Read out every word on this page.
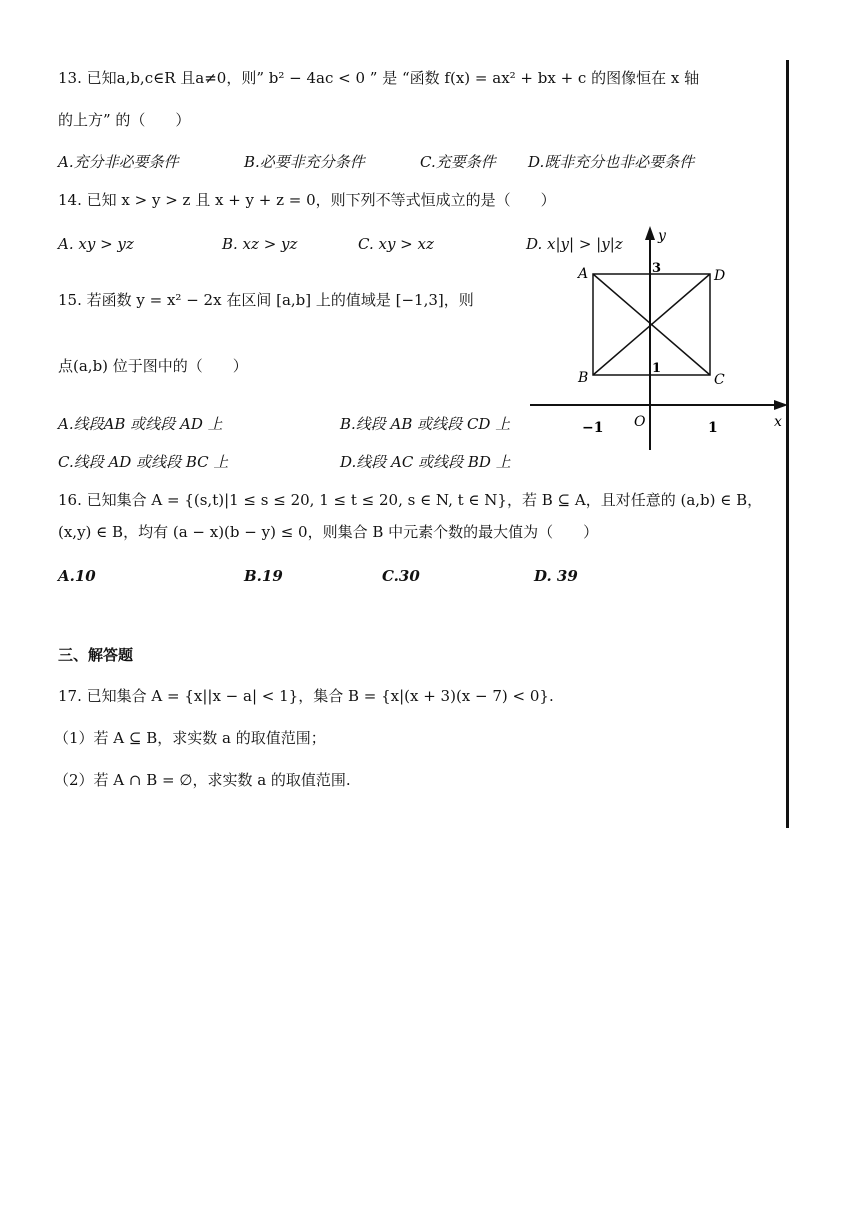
13. 已知a,b,c∈R 且a≠0，则” b² − 4ac < 0 ” 是 “函数 f(x) = ax² + bx + c 的图像恒在 x 轴
的上方” 的（　　）
A.充分非必要条件	B.必要非充分条件	C.充要条件 D.既非充分也非必要条件
14. 已知 x > y > z 且 x + y + z = 0，则下列不等式恒成立的是（　　）
A. xy > yz	B. xz > yz	C. xy > xz	D. x|y| > |y|z
15. 若函数 y = x² − 2x 在区间 [a,b] 上的值域是 [−1,3]，则
点(a,b) 位于图中的（　　）
A.线段AB 或线段 AD 上	B.线段 AB 或线段 CD 上
C.线段 AD 或线段 BC 上	D.线段 AC 或线段 BD 上
A
B	C
D
y
x
O
3
1
−1	1
16. 已知集合 A = {(s,t)|1 ≤ s ≤ 20, 1 ≤ t ≤ 20, s ∈ N, t ∈ N}，若 B ⊆ A，且对任意的 (a,b) ∈ B，
(x,y) ∈ B，均有 (a − x)(b − y) ≤ 0，则集合 B 中元素个数的最大值为（　　）
A.10	B.19	C.30	D. 39
三、解答题
17. 已知集合 A = {x||x − a| < 1}，集合 B = {x|(x + 3)(x − 7) < 0}.
（1）若 A ⊆ B，求实数 a 的取值范围；
（2）若 A ∩ B = ∅，求实数 a 的取值范围.
